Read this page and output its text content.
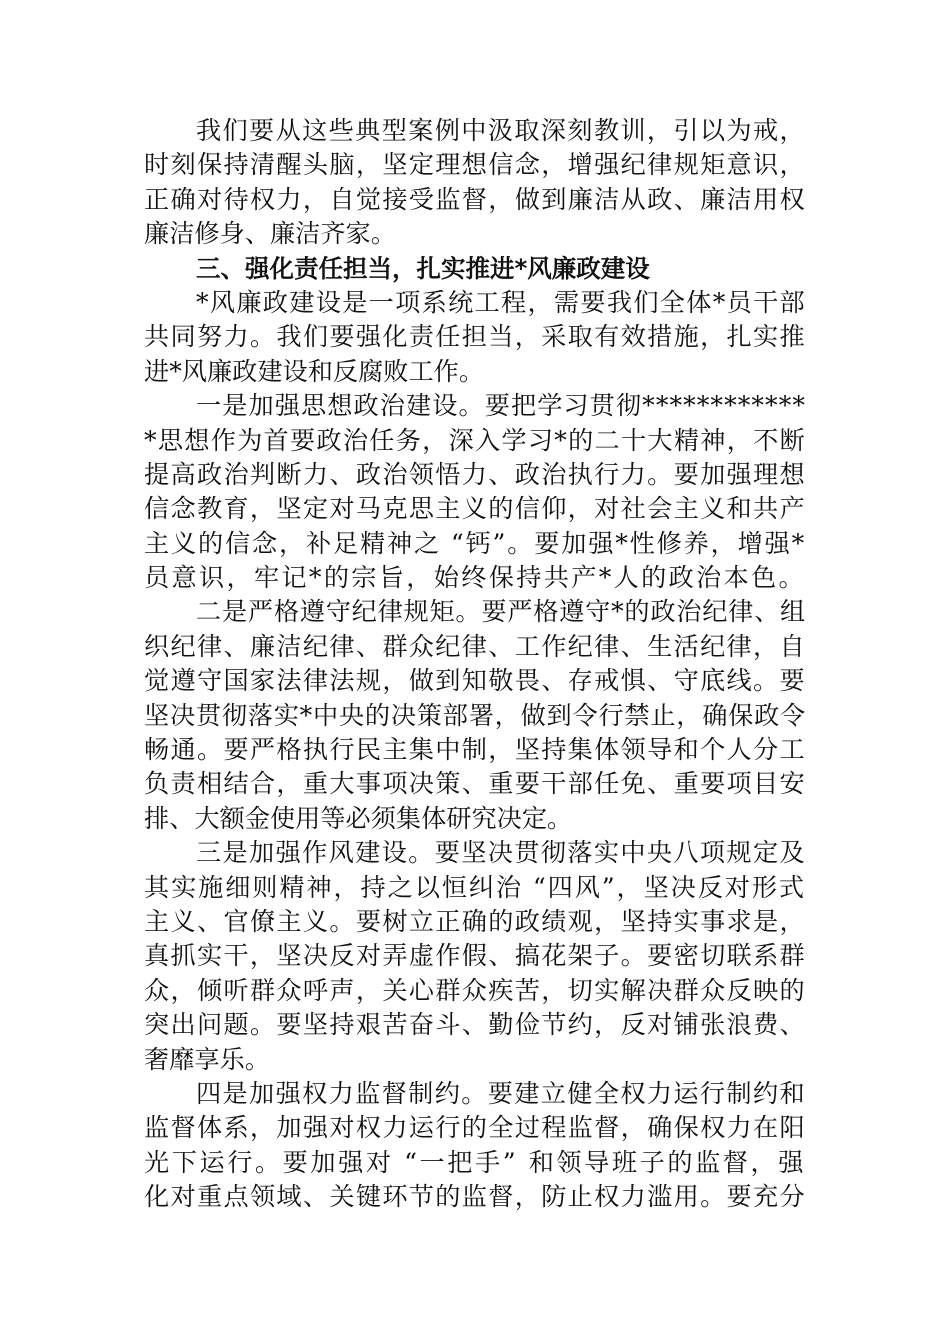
我们要从这些典型案例中汲取深刻教训，引以为戒，
时刻保持清醒头脑，坚定理想信念，增强纪律规矩意识，
正确对待权力，自觉接受监督，做到廉洁从政、廉洁用权
廉洁修身、廉洁齐家。
三、强化责任担当，扎实推进*风廉政建设
*风廉政建设是一项系统工程，需要我们全体*员干部
共同努力。我们要强化责任担当，采取有效措施，扎实推
进*风廉政建设和反腐败工作。
一是加强思想政治建设。要把学习贯彻************
*思想作为首要政治任务，深入学习*的二十大精神，不断
提高政治判断力、政治领悟力、政治执行力。要加强理想
信念教育，坚定对马克思主义的信仰，对社会主义和共产
主义的信念，补足精神之 “钙”。要加强*性修养，增强*
员意识，牢记*的宗旨，始终保持共产*人的政治本色。
二是严格遵守纪律规矩。要严格遵守*的政治纪律、组
织纪律、廉洁纪律、群众纪律、工作纪律、生活纪律，自
觉遵守国家法律法规，做到知敬畏、存戒惧、守底线。要
坚决贯彻落实*中央的决策部署，做到令行禁止，确保政令
畅通。要严格执行民主集中制，坚持集体领导和个人分工
负责相结合，重大事项决策、重要干部任免、重要项目安
排、大额金使用等必须集体研究决定。
三是加强作风建设。要坚决贯彻落实中央八项规定及
其实施细则精神，持之以恒纠治 “四风”，坚决反对形式
主义、官僚主义。要树立正确的政绩观，坚持实事求是，
真抓实干，坚决反对弄虚作假、搞花架子。要密切联系群
众，倾听群众呼声，关心群众疾苦，切实解决群众反映的
突出问题。要坚持艰苦奋斗、勤俭节约，反对铺张浪费、
奢靡享乐。
四是加强权力监督制约。要建立健全权力运行制约和
监督体系，加强对权力运行的全过程监督，确保权力在阳
光下运行。要加强对 “一把手” 和领导班子的监督，强
化对重点领域、关键环节的监督，防止权力滥用。要充分
